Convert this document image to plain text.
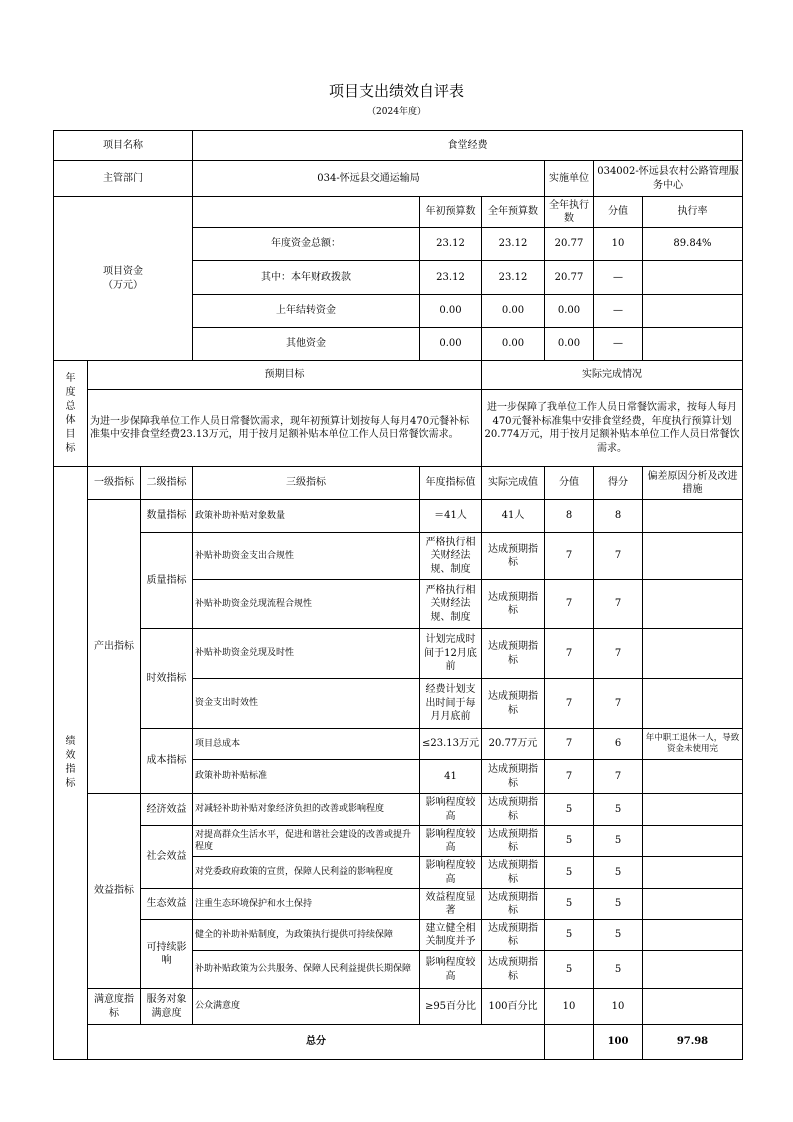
项目支出绩效自评表
（2024年度）
项目名称			食堂经费						
主管部门			034-怀远县交通运输局			实施单位	034002-怀远县农村公路管理服务中心		
项目资金
（万元）				年初预算数	全年预算数	全年执行数	分值	执行率	
			年度资金总额：	23.12	23.12	20.77	10	89.84%	
			其中：本年财政拨款	23.12	23.12	20.77	—		
			上年结转资金	0.00	0.00	0.00	—		
			其他资金	0.00	0.00	0.00	—		
年度总体目标	预期目标				实际完成情况				
	为进一步保障我单位工作人员日常餐饮需求，现年初预算计划按每人每月470元餐补标准集中安排食堂经费23.13万元，用于按月足额补贴本单位工作人员日常餐饮需求。				进一步保障了我单位工作人员日常餐饮需求，按每人每月470元餐补标准集中安排食堂经费，年度执行预算计划20.774万元，用于按月足额补贴本单位工作人员日常餐饮需求。				
绩效指标	一级指标	二级指标	三级指标	年度指标值	实际完成值	分值	得分	偏差原因分析及改进措施	
	产出指标	数量指标	政策补助补贴对象数量	＝41人	41人	8	8		
		质量指标	补贴补助资金支出合规性	严格执行相关财经法规、制度	达成预期指标	7	7		
			补贴补助资金兑现流程合规性	严格执行相关财经法规、制度	达成预期指标	7	7		
		时效指标	补贴补助资金兑现及时性	计划完成时间于12月底前	达成预期指标	7	7		
			资金支出时效性	经费计划支出时间于每月月底前	达成预期指标	7	7		
		成本指标	项目总成本	≤23.13万元	20.77万元	7	6	年中职工退休一人，导致资金未使用完	
			政策补助补贴标准	41	达成预期指标	7	7		
	效益指标	经济效益	对减轻补助补贴对象经济负担的改善或影响程度	影响程度较高	达成预期指标	5	5		
		社会效益	对提高群众生活水平，促进和谐社会建设的改善或提升程度	影响程度较高	达成预期指标	5	5		
			对党委政府政策的宣贯，保障人民利益的影响程度	影响程度较高	达成预期指标	5	5		
		生态效益	注重生态环境保护和水土保持	效益程度显著	达成预期指标	5	5		
		可持续影响	健全的补助补贴制度，为政策执行提供可持续保障	建立健全相关制度并予	达成预期指标	5	5		
			补助补贴政策为公共服务、保障人民利益提供长期保障	影响程度较高	达成预期指标	5	5		
	满意度指标	服务对象满意度	公众满意度	≥95百分比	100百分比	10	10		
	总分						100	97.98	
